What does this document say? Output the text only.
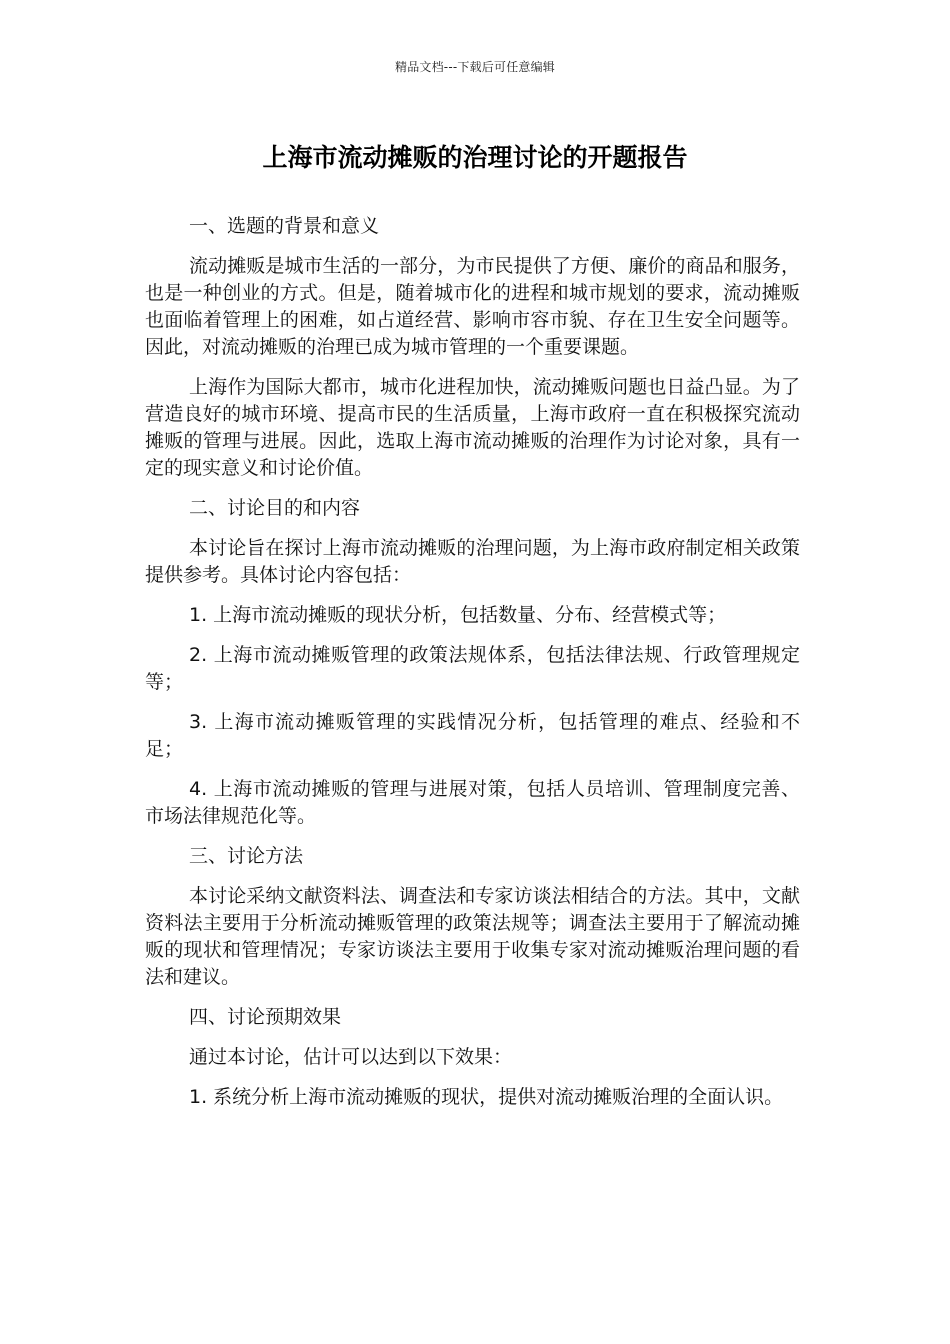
精品文档---下载后可任意编辑
上海市流动摊贩的治理讨论的开题报告

一、选题的背景和意义

流动摊贩是城市生活的一部分，为市民提供了方便、廉价的商品和服务，也是一种创业的方式。但是，随着城市化的进程和城市规划的要求，流动摊贩也面临着管理上的困难，如占道经营、影响市容市貌、存在卫生安全问题等。因此，对流动摊贩的治理已成为城市管理的一个重要课题。

上海作为国际大都市，城市化进程加快，流动摊贩问题也日益凸显。为了营造良好的城市环境、提高市民的生活质量，上海市政府一直在积极探究流动摊贩的管理与进展。因此，选取上海市流动摊贩的治理作为讨论对象，具有一定的现实意义和讨论价值。

二、讨论目的和内容

本讨论旨在探讨上海市流动摊贩的治理问题，为上海市政府制定相关政策提供参考。具体讨论内容包括：

1. 上海市流动摊贩的现状分析，包括数量、分布、经营模式等；

2. 上海市流动摊贩管理的政策法规体系，包括法律法规、行政管理规定等；

3. 上海市流动摊贩管理的实践情况分析，包括管理的难点、经验和不足；

4. 上海市流动摊贩的管理与进展对策，包括人员培训、管理制度完善、市场法律规范化等。

三、讨论方法

本讨论采纳文献资料法、调查法和专家访谈法相结合的方法。其中，文献资料法主要用于分析流动摊贩管理的政策法规等；调查法主要用于了解流动摊贩的现状和管理情况；专家访谈法主要用于收集专家对流动摊贩治理问题的看法和建议。

四、讨论预期效果

通过本讨论，估计可以达到以下效果：

1. 系统分析上海市流动摊贩的现状，提供对流动摊贩治理的全面认识。
